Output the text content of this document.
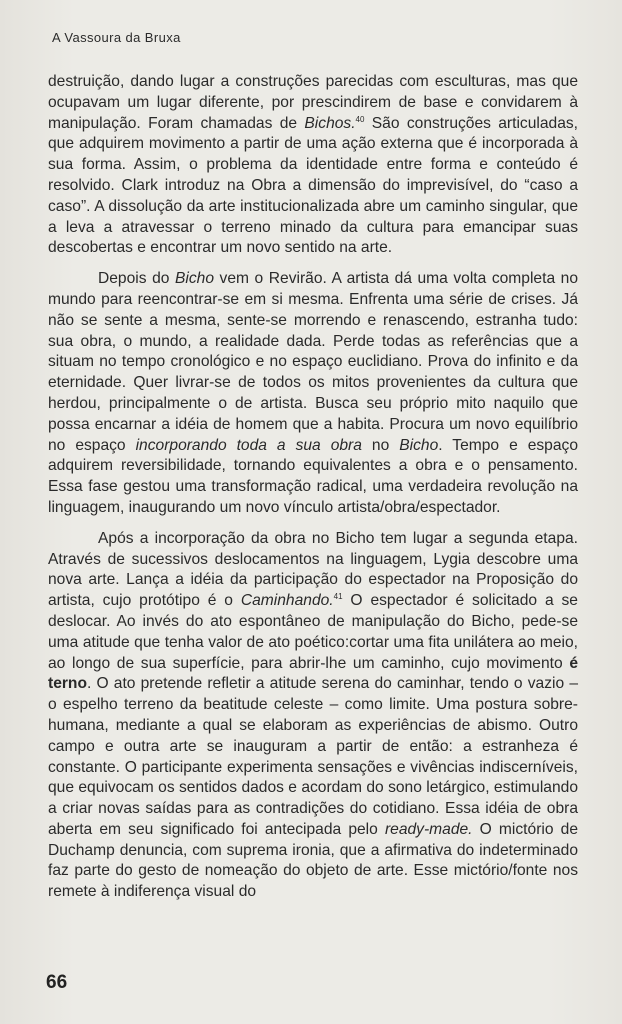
A Vassoura da Bruxa

destruição, dando lugar a construções parecidas com esculturas, mas que ocupavam um lugar diferente, por prescindirem de base e convidarem à manipulação. Foram chamadas de Bichos.$^{40}$ São construções articuladas, que adquirem movimento a partir de uma ação externa que é incorporada à sua forma. Assim, o problema da identidade entre forma e conteúdo é resolvido. Clark introduz na Obra a dimensão do imprevisível, do “caso a caso”. A dissolução da arte institucionalizada abre um caminho singular, que a leva a atravessar o terreno minado da cultura para emancipar suas descobertas e encontrar um novo sentido na arte.

Depois do Bicho vem o Revirão. A artista dá uma volta completa no mundo para reencontrar-se em si mesma. Enfrenta uma série de crises. Já não se sente a mesma, sente-se morrendo e renascendo, estranha tudo: sua obra, o mundo, a realidade dada. Perde todas as referências que a situam no tempo cronológico e no espaço euclidiano. Prova do infinito e da eternidade. Quer livrar-se de todos os mitos provenientes da cultura que herdou, principalmente o de artista. Busca seu próprio mito naquilo que possa encarnar a idéia de homem que a habita. Procura um novo equilíbrio no espaço incorporando toda a sua obra no Bicho. Tempo e espaço adquirem reversibilidade, tornando equivalentes a obra e o pensamento. Essa fase gestou uma transformação radical, uma verdadeira revolução na linguagem, inaugurando um novo vínculo artista/obra/espectador.

Após a incorporação da obra no Bicho tem lugar a segunda etapa. Através de sucessivos deslocamentos na linguagem, Lygia descobre uma nova arte. Lança a idéia da participação do espectador na Proposição do artista, cujo protótipo é o Caminhando.$^{41}$ O espectador é solicitado a se deslocar. Ao invés do ato espontâneo de manipulação do Bicho, pede-se uma atitude que tenha valor de ato poético:cortar uma fita unilátera ao meio, ao longo de sua superfície, para abrir-lhe um caminho, cujo movimento é terno. O ato pretende refletir a atitude serena do caminhar, tendo o vazio – o espelho terreno da beatitude celeste – como limite. Uma postura sobre-humana, mediante a qual se elaboram as experiências de abismo. Outro campo e outra arte se inauguram a partir de então: a estranheza é constante. O participante experimenta sensações e vivências indiscerníveis, que equivocam os sentidos dados e acordam do sono letárgico, estimulando a criar novas saídas para as contradições do cotidiano. Essa idéia de obra aberta em seu significado foi antecipada pelo ready-made. O mictório de Duchamp denuncia, com suprema ironia, que a afirmativa do indeterminado faz parte do gesto de nomeação do objeto de arte. Esse mictório/fonte nos remete à indiferença visual do

66
